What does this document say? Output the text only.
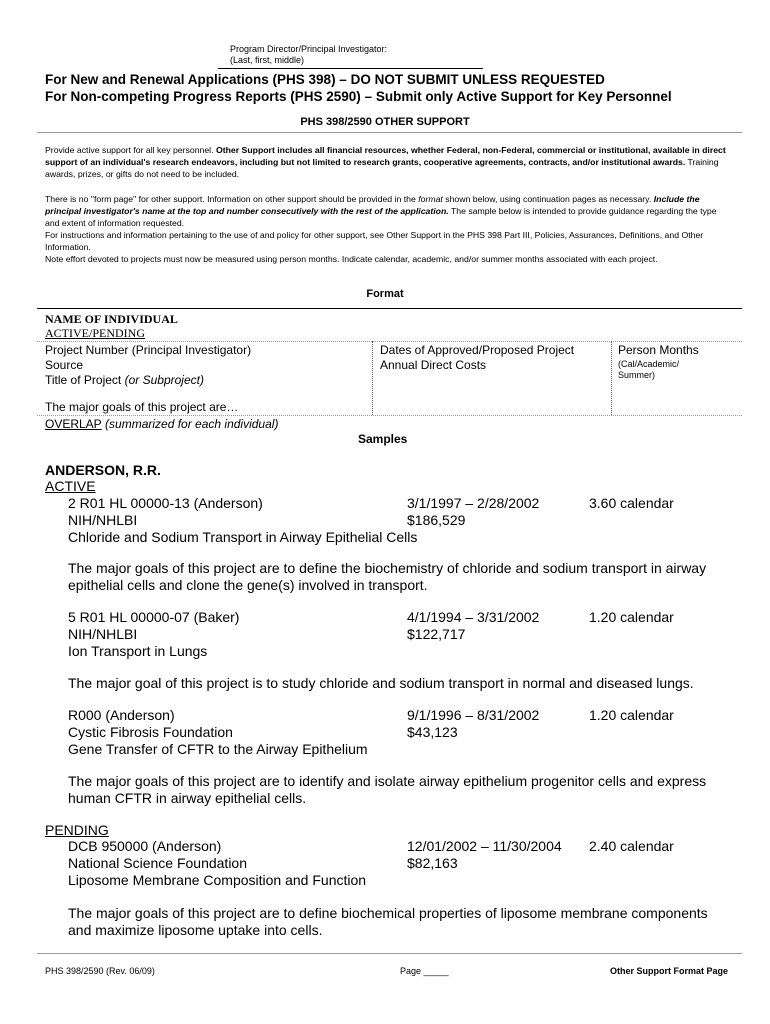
Program Director/Principal Investigator:
(Last, first, middle)
For New and Renewal Applications (PHS 398) – DO NOT SUBMIT UNLESS REQUESTED
For Non-competing Progress Reports (PHS 2590) – Submit only Active Support for Key Personnel
PHS 398/2590 OTHER SUPPORT
Provide active support for all key personnel. Other Support includes all financial resources, whether Federal, non-Federal, commercial or institutional, available in direct support of an individual's research endeavors, including but not limited to research grants, cooperative agreements, contracts, and/or institutional awards. Training awards, prizes, or gifts do not need to be included.
There is no "form page" for other support. Information on other support should be provided in the format shown below, using continuation pages as necessary. Include the principal investigator's name at the top and number consecutively with the rest of the application. The sample below is intended to provide guidance regarding the type and extent of information requested.
For instructions and information pertaining to the use of and policy for other support, see Other Support in the PHS 398 Part III, Policies, Assurances, Definitions, and Other Information.
Note effort devoted to projects must now be measured using person months. Indicate calendar, academic, and/or summer months associated with each project.
Format
NAME OF INDIVIDUAL
ACTIVE/PENDING
Project Number (Principal Investigator)
Source
Title of Project (or Subproject)
The major goals of this project are…
Dates of Approved/Proposed Project
Annual Direct Costs
Person Months
(Cal/Academic/
Summer)
OVERLAP (summarized for each individual)
Samples
ANDERSON, R.R.
ACTIVE
2 R01 HL 00000-13 (Anderson)
NIH/NHLBI
Chloride and Sodium Transport in Airway Epithelial Cells
3/1/1997 – 2/28/2002
$186,529
3.60 calendar
The major goals of this project are to define the biochemistry of chloride and sodium transport in airway epithelial cells and clone the gene(s) involved in transport.
5 R01 HL 00000-07 (Baker)
NIH/NHLBI
Ion Transport in Lungs
4/1/1994 – 3/31/2002
$122,717
1.20 calendar
The major goal of this project is to study chloride and sodium transport in normal and diseased lungs.
R000 (Anderson)
Cystic Fibrosis Foundation
Gene Transfer of CFTR to the Airway Epithelium
9/1/1996 – 8/31/2002
$43,123
1.20 calendar
The major goals of this project are to identify and isolate airway epithelium progenitor cells and express human CFTR in airway epithelial cells.
PENDING
DCB 950000 (Anderson)
National Science Foundation
Liposome Membrane Composition and Function
12/01/2002 – 11/30/2004
$82,163
2.40 calendar
The major goals of this project are to define biochemical properties of liposome membrane components and maximize liposome uptake into cells.
PHS 398/2590 (Rev. 06/09)	Page _____	Other Support Format Page
